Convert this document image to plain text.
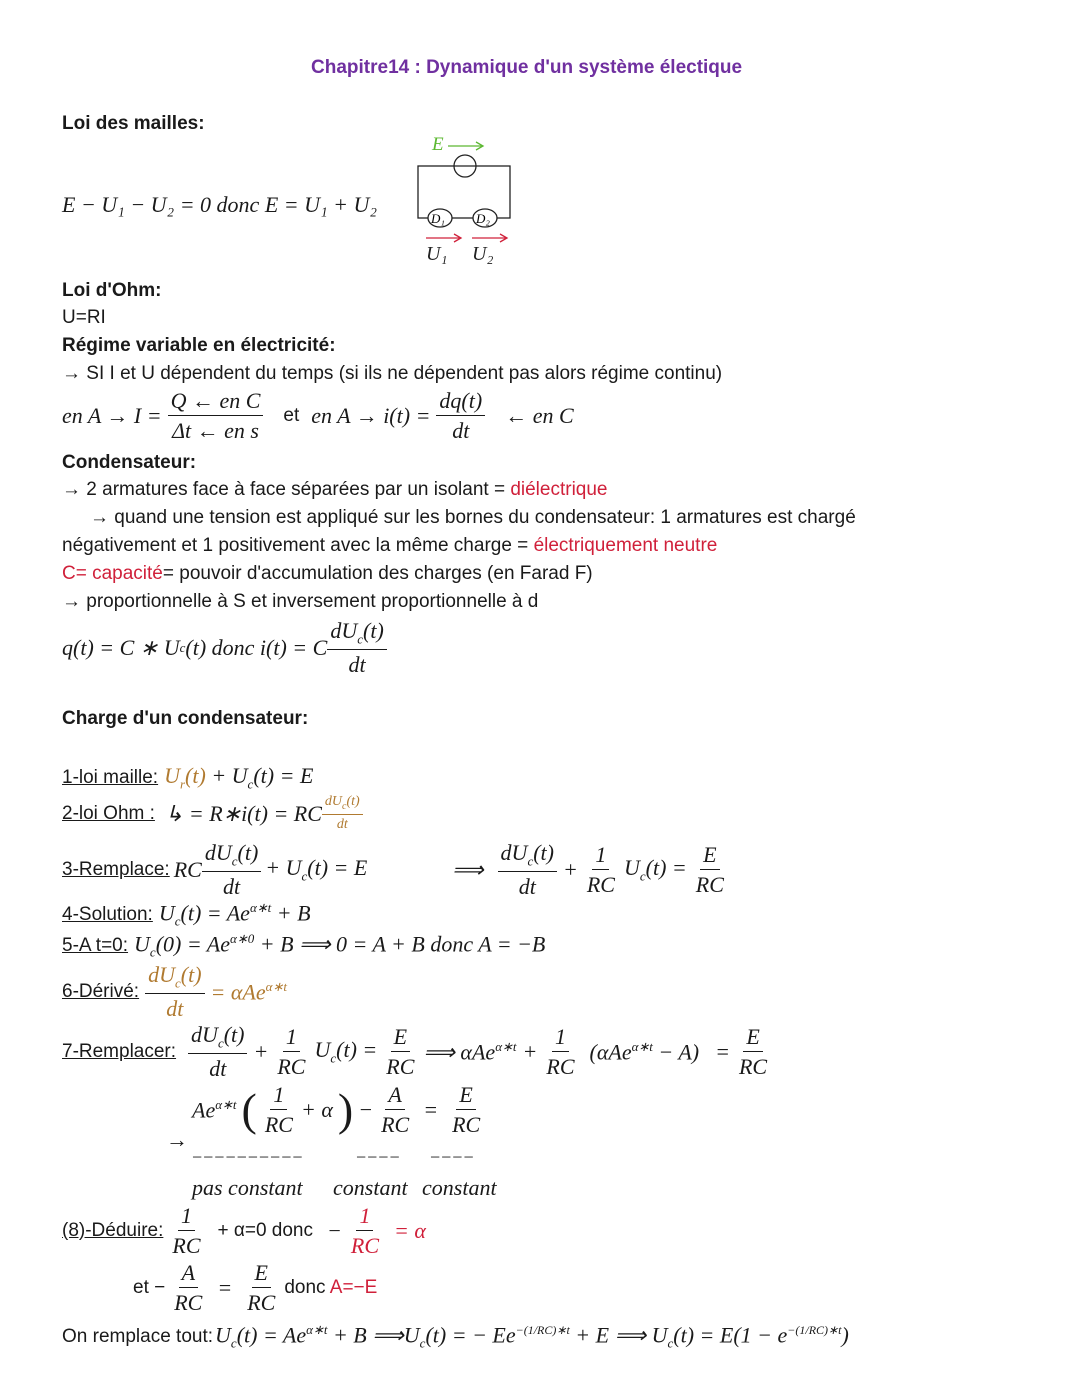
Chapitre14 : Dynamique d'un système électique
Loi des mailles:
E − U₁ − U₂ = 0 donc E = U₁ + U₂
E
D₁ D₂
U₁ U₂
Loi d'Ohm:
U=RI
Régime variable en électricité:
→ SI I et U dépendent du temps (si ils ne dépendent pas alors régime continu)
en $A \to I = \frac{\text{Q ← en C}}{\text{Δt ← en s}}$ et en $A \to i(t) = \frac{dq(t)}{dt}$ ← en C
Condensateur:
→ 2 armatures face à face séparées par un isolant = diélectrique
→ quand une tension est appliqué sur les bornes du condensateur: 1 armatures est chargé
négativement et 1 positivement avec la même charge = électriquement neutre
C= capacité= pouvoir d'accumulation des charges (en Farad F)
→ proportionnelle à S et inversement proportionnelle à d
q(t) = C ∗ U c (t) donc i(t) = C
$dU_c(t)$
dt
Charge d'un condensateur:
1-loi maille: $U_r(t) + U_c(t) = E$
2-loi Ohm : ↳ = R∗i(t) = RC $dU_c(t)$
dt
3-Remplace: RC
$dU_c(t)$
dt
+ $U_c(t) = E$	⟹
$dU_c(t)$
dt
+ $\frac{1}{RC} U_c(t) = \frac{E}{RC}$
4-Solution: $U_c(t) = Ae^{\alpha∗t} + B$
5-A t=0: $U_c(0) = Ae^{\alpha∗0} + B$ ⟹ 0 = A + B donc A = −B
6-Dérivé:
$dU_c(t)$
dt
= αAe$^{\alpha∗t}$
7-Remplacer:
$dU_c(t)$
dt
+ $\frac{1}{RC} U_c(t) = \frac{E}{RC}$ ⟹ $\alpha Ae^{\alpha∗t} + \frac{1}{RC} (\alpha Ae^{\alpha∗t} - A) = \frac{E}{RC}$
$Ae^{\alpha∗t}$ ( $\frac{1}{RC} + \alpha$ ) − $\frac{A}{RC} = \frac{E}{RC}$
→
−−−−−−−−−−	−−−− −−−−
pas constant constant constant
(8)-Déduire: $\frac{1}{RC} + \alpha=0$ donc − $\frac{1}{RC} = \alpha$
et − $\frac{A}{RC} = \frac{E}{RC}$ donc A=−E
On remplace tout: $U_c(t) = Ae^{\alpha∗t} + B$ $⟹U_c(t)$ = − $Ee^{-(1/RC)∗t} + E$ ⟹ $U_c(t) = E(1 - e^{-(1/RC)∗t})$
